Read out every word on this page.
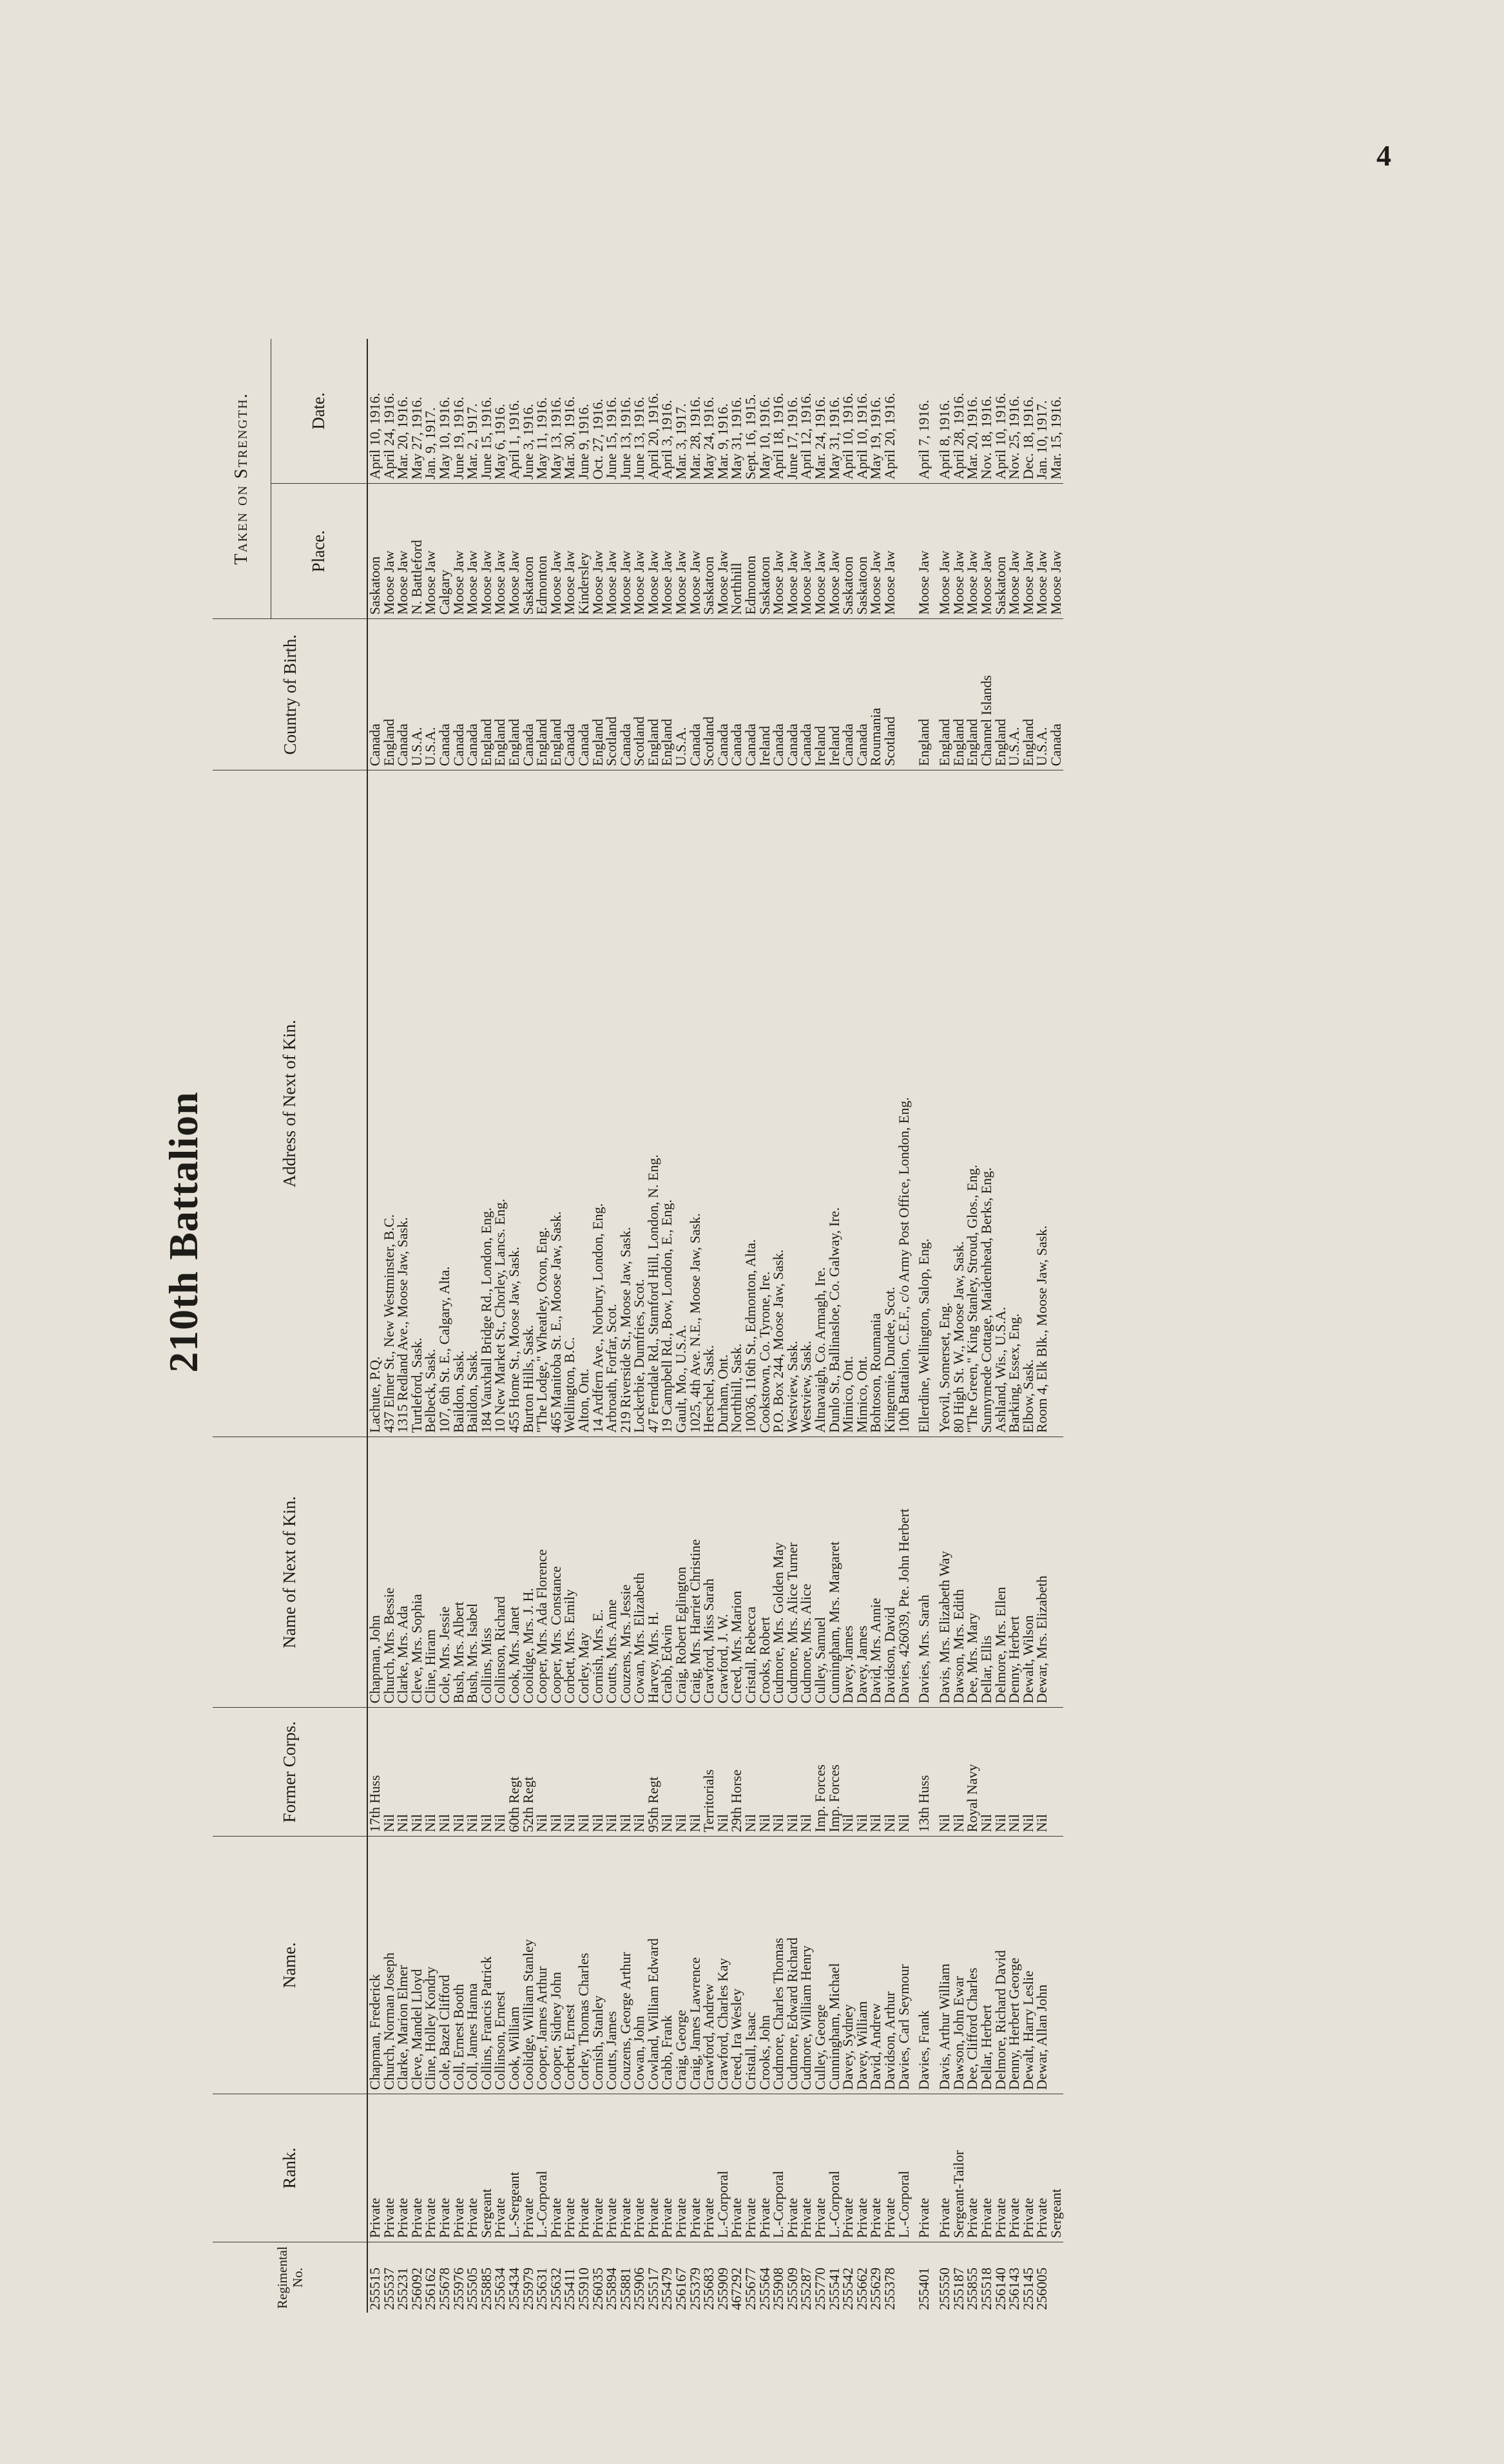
4
210th Battalion
Regimental No.	Rank.	Name.	Former Corps.	Name of Next of Kin.	Address of Next of Kin.	Country of Birth.	Taken on Strength.	
							Place.	Date.
255515	Private	Chapman, Frederick	17th Huss	Chapman, John	Lachute, P.Q.	Canada	Saskatoon	April 10, 1916.
255537	Private	Church, Norman Joseph	Nil	Church, Mrs. Bessie	437 Elmer St., New Westminster, B.C.	England	Moose Jaw	April 24, 1916.
255231	Private	Clarke, Marion Elmer	Nil	Clarke, Mrs. Ada	1315 Redland Ave., Moose Jaw, Sask.	Canada	Moose Jaw	Mar. 20, 1916.
256092	Private	Cleve, Mandel Lloyd	Nil	Cleve, Mrs. Sophia	Turtleford, Sask.	U.S.A.	N. Battleford	May 27, 1916.
256162	Private	Cline, Holley Kondry	Nil	Cline, Hiram	Belbeck, Sask.	U.S.A.	Moose Jaw	Jan. 9, 1917.
255678	Private	Cole, Bazel Clifford	Nil	Cole, Mrs. Jessie	107, 6th St. E., Calgary, Alta.	Canada	Calgary	May 10, 1916.
255976	Private	Coll, Ernest Booth	Nil	Bush, Mrs. Albert	Baildon, Sask.	Canada	Moose Jaw	June 19, 1916.
255505	Private	Coll, James Hanna	Nil	Bush, Mrs. Isabel	Baildon, Sask.	Canada	Moose Jaw	Mar. 2, 1917.
255885	Sergeant	Collins, Francis Patrick	Nil	Collins, Miss	184 Vauxhall Bridge Rd., London, Eng.	England	Moose Jaw	June 15, 1916.
255634	Private	Collinson, Ernest	Nil	Collinson, Richard	10 New Market St., Chorley, Lancs. Eng.	England	Moose Jaw	May 6, 1916.
255434	L.-Sergeant	Cook, William	60th Regt	Cook, Mrs. Janet	455 Home St., Moose Jaw, Sask.	England	Moose Jaw	April 1, 1916.
255979	Private	Coolidge, William Stanley	52th Regt	Coolidge, Mrs. J. H.	Burton Hills, Sask.	Canada	Saskatoon	June 3, 1916.
255631	L.-Corporal	Cooper, James Arthur	Nil	Cooper, Mrs. Ada Florence	"The Lodge," Wheatley, Oxon, Eng.	England	Edmonton	May 11, 1916.
255632	Private	Cooper, Sidney John	Nil	Cooper, Mrs. Constance	465 Manitoba St. E., Moose Jaw, Sask.	England	Moose Jaw	May 13, 1916.
255411	Private	Corbett, Ernest	Nil	Corbett, Mrs. Emily	Wellington, B.C.	Canada	Moose Jaw	Mar. 30, 1916.
255910	Private	Corley, Thomas Charles	Nil	Corley, May	Alton, Ont.	Canada	Kindersley	June 9, 1916.
256035	Private	Cornish, Stanley	Nil	Cornish, Mrs. E.	14 Ardfern Ave., Norbury, London, Eng.	England	Moose Jaw	Oct. 27, 1916.
255894	Private	Coutts, James	Nil	Coutts, Mrs. Anne	Arbroath, Forfar, Scot.	Scotland	Moose Jaw	June 15, 1916.
255881	Private	Couzens, George Arthur	Nil	Couzens, Mrs. Jessie	219 Riverside St., Moose Jaw, Sask.	Canada	Moose Jaw	June 13, 1916.
255906	Private	Cowan, John	Nil	Cowan, Mrs. Elizabeth	Lockerbie, Dumfries, Scot.	Scotland	Moose Jaw	June 13, 1916.
255517	Private	Cowland, William Edward	95th Regt	Harvey, Mrs. H.	47 Ferndale Rd., Stamford Hill, London, N. Eng.	England	Moose Jaw	April 20, 1916.
255479	Private	Crabb, Frank	Nil	Crabb, Edwin	19 Campbell Rd., Bow, London, E., Eng.	England	Moose Jaw	April 3, 1916.
256167	Private	Craig, George	Nil	Craig, Robert Eglington	Gault, Mo., U.S.A.	U.S.A.	Moose Jaw	Mar. 3, 1917.
255379	Private	Craig, James Lawrence	Nil	Craig, Mrs. Harriet Christine	1025, 4th Ave. N.E., Moose Jaw, Sask.	Canada	Moose Jaw	Mar. 28, 1916.
255683	Private	Crawford, Andrew	Territorials	Crawford, Miss Sarah	Herschel, Sask.	Scotland	Saskatoon	May 24, 1916.
255909	L.-Corporal	Crawford, Charles Kay	Nil	Crawford, J. W.	Durham, Ont.	Canada	Moose Jaw	Mar. 9, 1916.
467292	Private	Creed, Ira Wesley	29th Horse	Creed, Mrs. Marion	Northhill, Sask.	Canada	Northhill	May 31, 1916.
255677	Private	Cristall, Isaac	Nil	Cristall, Rebecca	10036, 116th St., Edmonton, Alta.	Canada	Edmonton	Sept. 16, 1915.
255564	Private	Crooks, John	Nil	Crooks, Robert	Cookstown, Co. Tyrone, Ire.	Ireland	Saskatoon	May 10, 1916.
255908	L.-Corporal	Cudmore, Charles Thomas	Nil	Cudmore, Mrs. Golden May	P.O. Box 244, Moose Jaw, Sask.	Canada	Moose Jaw	April 18, 1916.
255509	Private	Cudmore, Edward Richard	Nil	Cudmore, Mrs. Alice Turner	Westview, Sask.	Canada	Moose Jaw	June 17, 1916.
255287	Private	Cudmore, William Henry	Nil	Cudmore, Mrs. Alice	Westview, Sask.	Canada	Moose Jaw	April 12, 1916.
255770	Private	Culley, George	Imp. Forces	Culley, Samuel	Altnavaigh, Co. Armagh, Ire.	Ireland	Moose Jaw	Mar. 24, 1916.
255541	L.-Corporal	Cunningham, Michael	Imp. Forces	Cunningham, Mrs. Margaret	Dunlo St., Ballinasloe, Co. Galway, Ire.	Ireland	Moose Jaw	May 31, 1916.
255542	Private	Davey, Sydney	Nil	Davey, James	Mimico, Ont.	Canada	Saskatoon	April 10, 1916.
255662	Private	Davey, William	Nil	Davey, James	Mimico, Ont.	Canada	Saskatoon	April 10, 1916.
255629	Private	David, Andrew	Nil	David, Mrs. Annie	Bohtoson, Roumania	Roumania	Moose Jaw	May 19, 1916.
255378	Private	Davidson, Arthur	Nil	Davidson, David	Kingennie, Dundee, Scot.	Scotland	Moose Jaw	April 20, 1916.
	L.-Corporal	Davies, Carl Seymour	Nil	Davies, 426039, Pte. John Herbert	10th Battalion, C.E.F., c/o Army Post Office, London, Eng.			
255401	Private	Davies, Frank	13th Huss	Davies, Mrs. Sarah	Ellerdine, Wellington, Salop, Eng.	England	Moose Jaw	April 7, 1916.
255550	Private	Davis, Arthur William	Nil	Davis, Mrs. Elizabeth Way	Yeovil, Somerset, Eng.	England	Moose Jaw	April 8, 1916.
255187	Sergeant-Tailor	Dawson, John Ewar	Nil	Dawson, Mrs. Edith	80 High St. W., Moose Jaw, Sask.	England	Moose Jaw	April 28, 1916.
255855	Private	Dee, Clifford Charles	Royal Navy	Dee, Mrs. Mary	"The Green," King Stanley, Stroud, Glos., Eng.	England	Moose Jaw	Mar. 20, 1916.
255518	Private	Dellar, Herbert	Nil	Dellar, Ellis	Sunnymede Cottage, Maidenhead, Berks, Eng.	Channel Islands	Moose Jaw	Nov. 18, 1916.
256140	Private	Delmore, Richard David	Nil	Delmore, Mrs. Ellen	Ashland, Wis., U.S.A.	England	Saskatoon	April 10, 1916.
256143	Private	Denny, Herbert George	Nil	Denny, Herbert	Barking, Essex, Eng.	U.S.A.	Moose Jaw	Nov. 25, 1916.
255145	Private	Dewalt, Harry Leslie	Nil	Dewalt, Wilson	Elbow, Sask.	England	Moose Jaw	Dec. 18, 1916.
256005	Private	Dewar, Allan John	Nil	Dewar, Mrs. Elizabeth	Room 4, Elk Blk., Moose Jaw, Sask.	U.S.A.	Moose Jaw	Jan. 10, 1917.
	Sergeant					Canada	Moose Jaw	Mar. 15, 1916.
